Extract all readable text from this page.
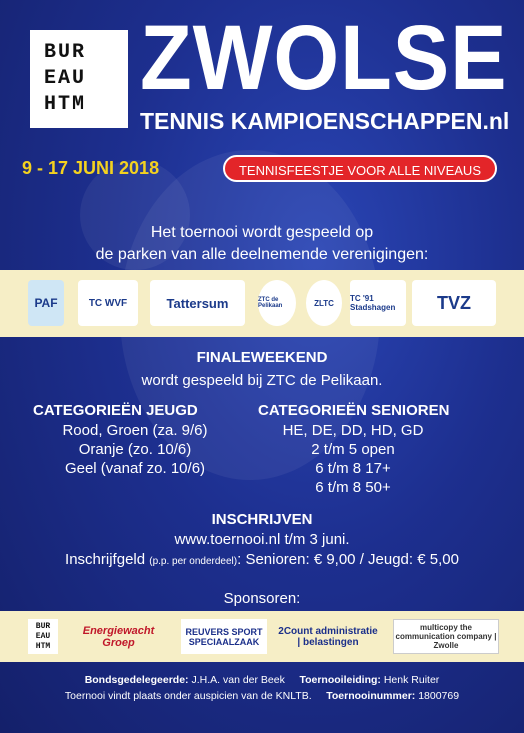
BUR
EAU
HTM ZWOLSE
TENNIS KAMPIOENSCHAPPEN.nl
9 - 17 JUNI 2018	TENNISFEESTJE VOOR ALLE NIVEAUS
Het toernooi wordt gespeeld op
de parken van alle deelnemende verenigingen:
PAF	TC WVF	Tattersum	ZTC de Pelikaan	ZLTC	TC '91 Stadshagen	TVZ
FINALEWEEKEND
wordt gespeeld bij ZTC de Pelikaan.
CATEGORIEËN JEUGD
Rood, Groen (za. 9/6)
Oranje (zo. 10/6)
Geel (vanaf zo. 10/6)
CATEGORIEËN SENIOREN
HE, DE, DD, HD, GD
2 t/m 5 open
6 t/m 8 17+
6 t/m 8 50+
INSCHRIJVEN
www.toernooi.nl t/m 3 juni.
Inschrijfgeld (p.p. per onderdeel): Senioren: € 9,00 / Jeugd: € 5,00
Sponsoren:
BUR EAU HTM
Energiewacht Groep
REUVERS SPORT SPECIAALZAAK
2Count administratie | belastingen
multicopy the communication company | Zwolle
Bondsgedelegeerde: J.H.A. van der Beek Toernooileiding: Henk Ruiter
Toernooi vindt plaats onder auspicien van de KNLTB. Toernooinummer: 1800769
